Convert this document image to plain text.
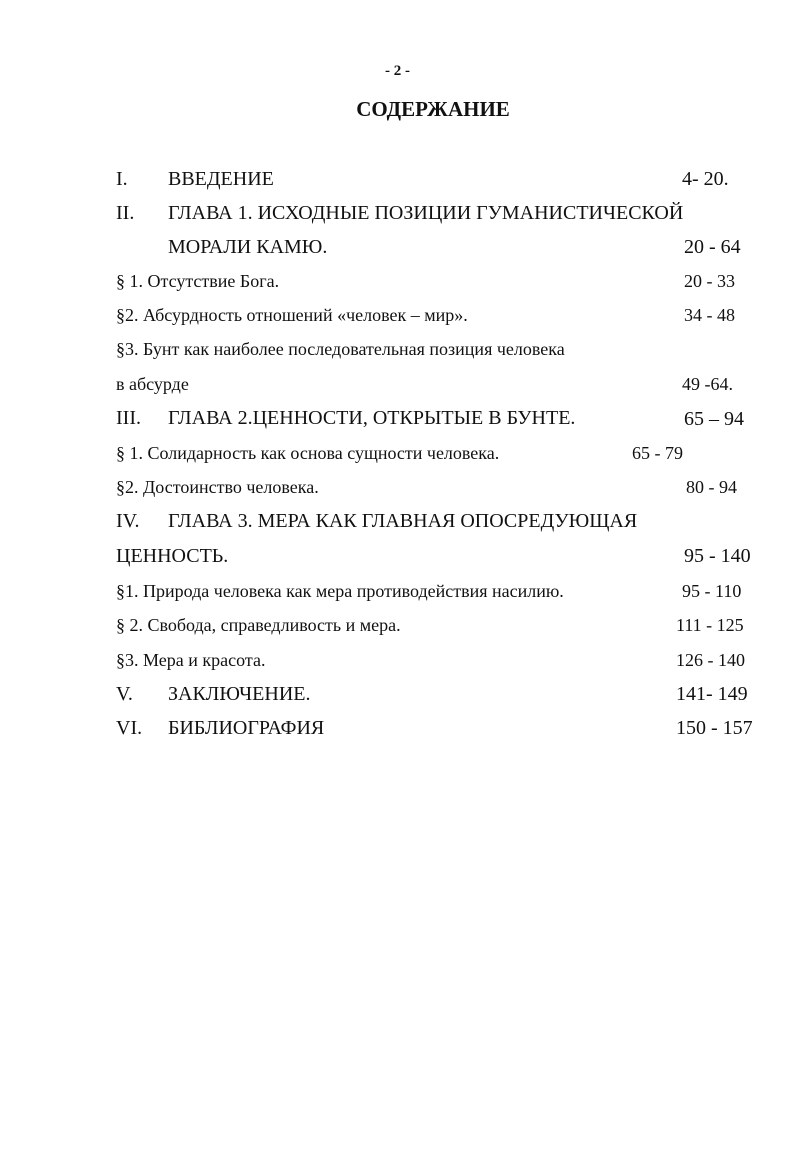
- 2 -
СОДЕРЖАНИЕ
I. ВВЕДЕНИЕ	4- 20.
II. ГЛАВА 1. ИСХОДНЫЕ ПОЗИЦИИ ГУМАНИСТИЧЕСКОЙ
МОРАЛИ КАМЮ.	20 - 64
§ 1. Отсутствие Бога.	20 - 33
§2. Абсурдность отношений «человек – мир».	34 - 48
§3. Бунт как наиболее последовательная позиция человека
в абсурде	49 -64.
III. ГЛАВА 2.ЦЕННОСТИ, ОТКРЫТЫЕ В БУНТЕ.	65 – 94
§ 1. Солидарность как основа сущности человека.	65 - 79
§2. Достоинство человека.	80 - 94
IV. ГЛАВА 3. МЕРА КАК ГЛАВНАЯ ОПОСРЕДУЮЩАЯ
ЦЕННОСТЬ.	95 - 140
§1. Природа человека как мера противодействия насилию.	95 - 110
§ 2. Свобода, справедливость и мера.	111 - 125
§3. Мера и красота.	126 - 140
V. ЗАКЛЮЧЕНИЕ.	141- 149
VI. БИБЛИОГРАФИЯ	150 - 157
